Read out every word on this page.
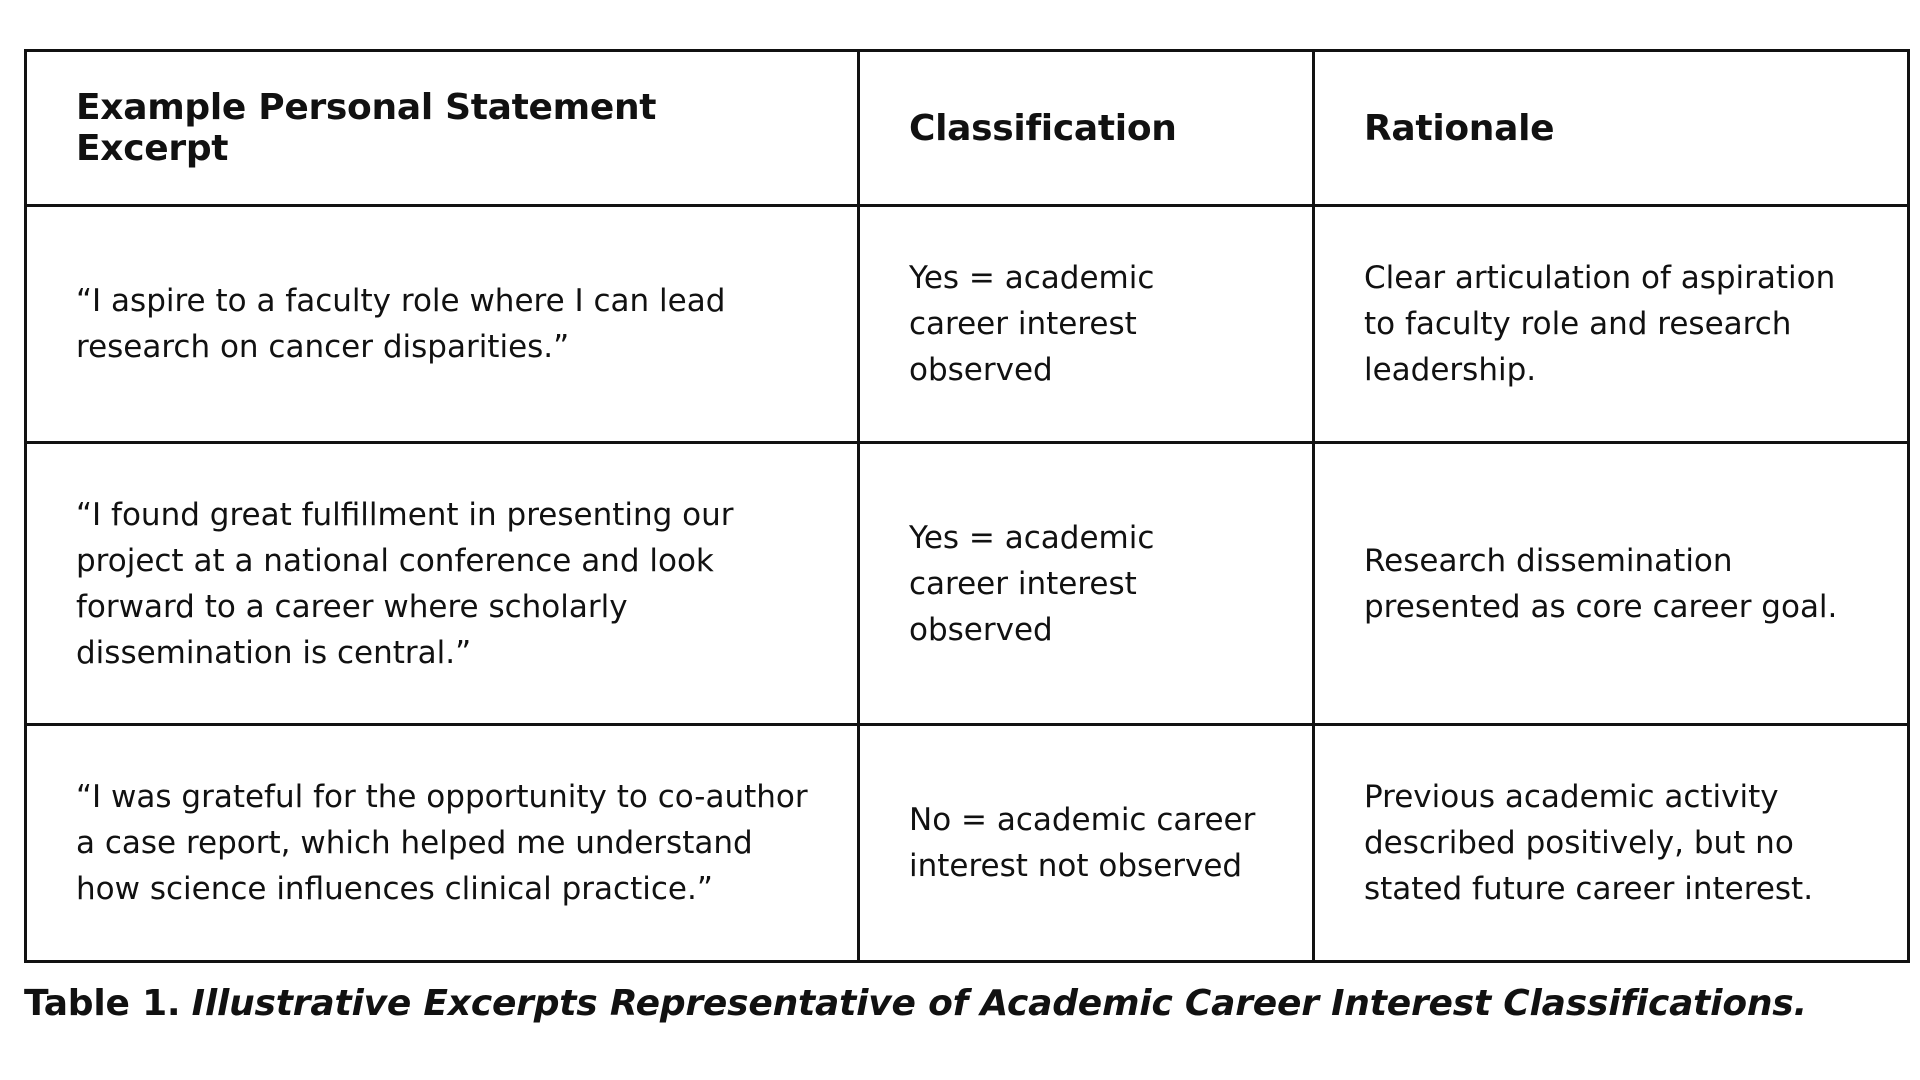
Example Personal Statement Excerpt	Classification	Rationale
“I aspire to a faculty role where I can lead research on cancer disparities.”	Yes = academic career interest observed	Clear articulation of aspiration to faculty role and research leadership.
“I found great fulfillment in presenting our project at a national conference and look forward to a career where scholarly dissemination is central.”	Yes = academic career interest observed	Research dissemination presented as core career goal.
“I was grateful for the opportunity to co-author a case report, which helped me understand how science influences clinical practice.”	No = academic career interest not observed	Previous academic activity described positively, but no stated future career interest.
Table 1. Illustrative Excerpts Representative of Academic Career Interest Classifications.
